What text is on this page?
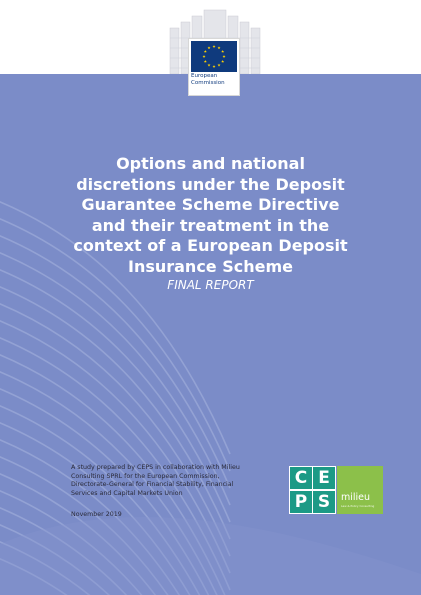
European
Commission
Options and national
discretions under the Deposit
Guarantee Scheme Directive
and their treatment in the
context of a European Deposit
Insurance Scheme
FINAL REPORT
A study prepared by CEPS in collaboration with Milieu
Consulting SPRL for the European Commission,
Directorate-General for Financial Stability, Financial
Services and Capital Markets Union
November 2019
C E
P S	milieu
Law & Policy Consulting
